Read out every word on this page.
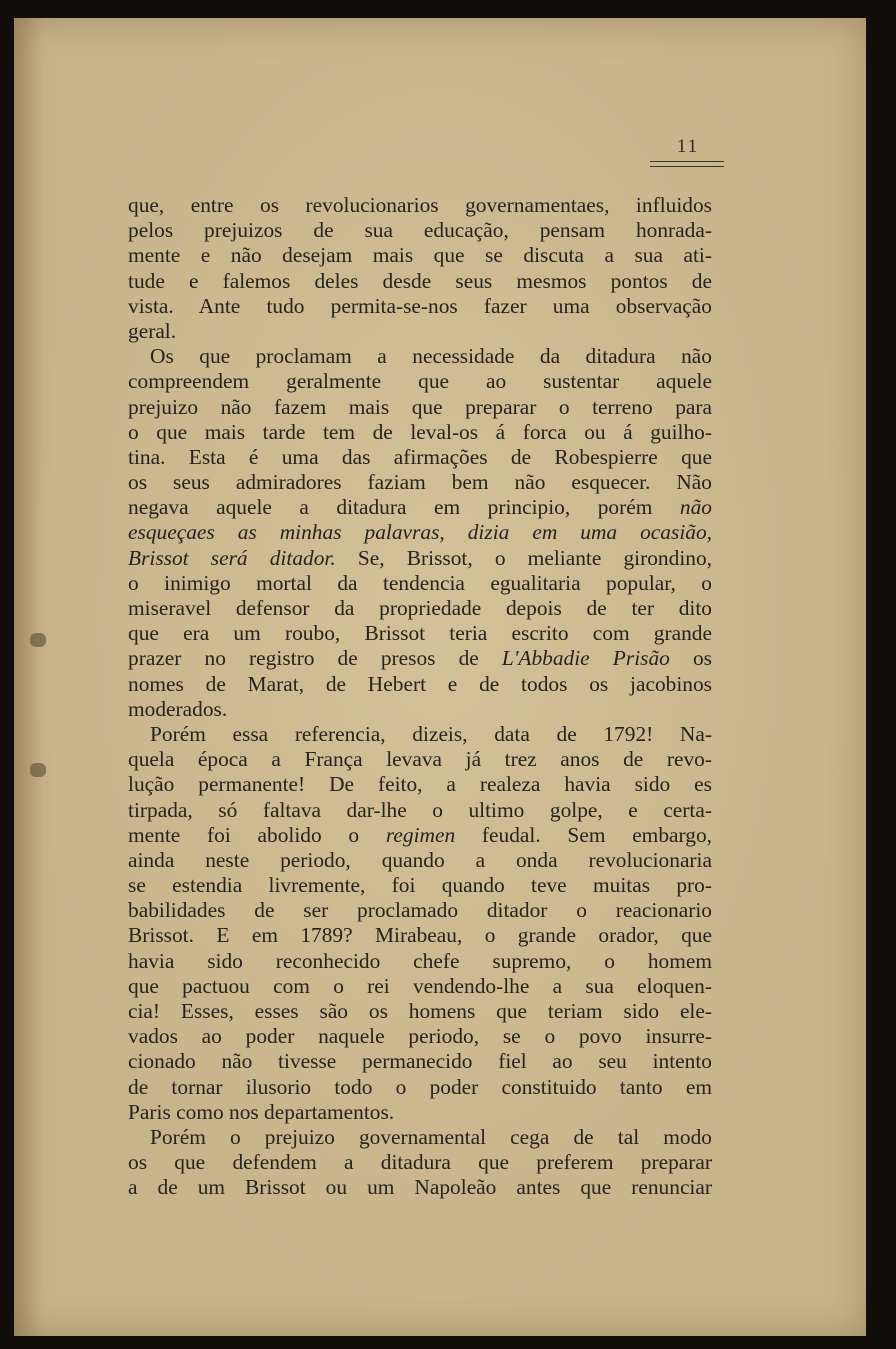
11
que, entre os revolucionarios governamentaes, influidos
pelos prejuizos de sua educação, pensam honrada-
mente e não desejam mais que se discuta a sua ati-
tude e falemos deles desde seus mesmos pontos de
vista. Ante tudo permita-se-nos fazer uma observação
geral.
Os que proclamam a necessidade da ditadura não
compreendem geralmente que ao sustentar aquele
prejuizo não fazem mais que preparar o terreno para
o que mais tarde tem de leval-os á forca ou á guilho-
tina. Esta é uma das afirmações de Robespierre que
os seus admiradores faziam bem não esquecer. Não
negava aquele a ditadura em principio, porém não
esqueçaes as minhas palavras, dizia em uma ocasião,
Brissot será ditador. Se, Brissot, o meliante girondino,
o inimigo mortal da tendencia egualitaria popular, o
miseravel defensor da propriedade depois de ter dito
que era um roubo, Brissot teria escrito com grande
prazer no registro de presos de L'Abbadie Prisão os
nomes de Marat, de Hebert e de todos os jacobinos
moderados.
Porém essa referencia, dizeis, data de 1792! Na-
quela época a França levava já trez anos de revo-
lução permanente! De feito, a realeza havia sido es
tirpada, só faltava dar-lhe o ultimo golpe, e certa-
mente foi abolido o regimen feudal. Sem embargo,
ainda neste periodo, quando a onda revolucionaria
se estendia livremente, foi quando teve muitas pro-
babilidades de ser proclamado ditador o reacionario
Brissot. E em 1789? Mirabeau, o grande orador, que
havia sido reconhecido chefe supremo, o homem
que pactuou com o rei vendendo-lhe a sua eloquen-
cia! Esses, esses são os homens que teriam sido ele-
vados ao poder naquele periodo, se o povo insurre-
cionado não tivesse permanecido fiel ao seu intento
de tornar ilusorio todo o poder constituido tanto em
Paris como nos departamentos.
Porém o prejuizo governamental cega de tal modo
os que defendem a ditadura que preferem preparar
a de um Brissot ou um Napoleão antes que renunciar
